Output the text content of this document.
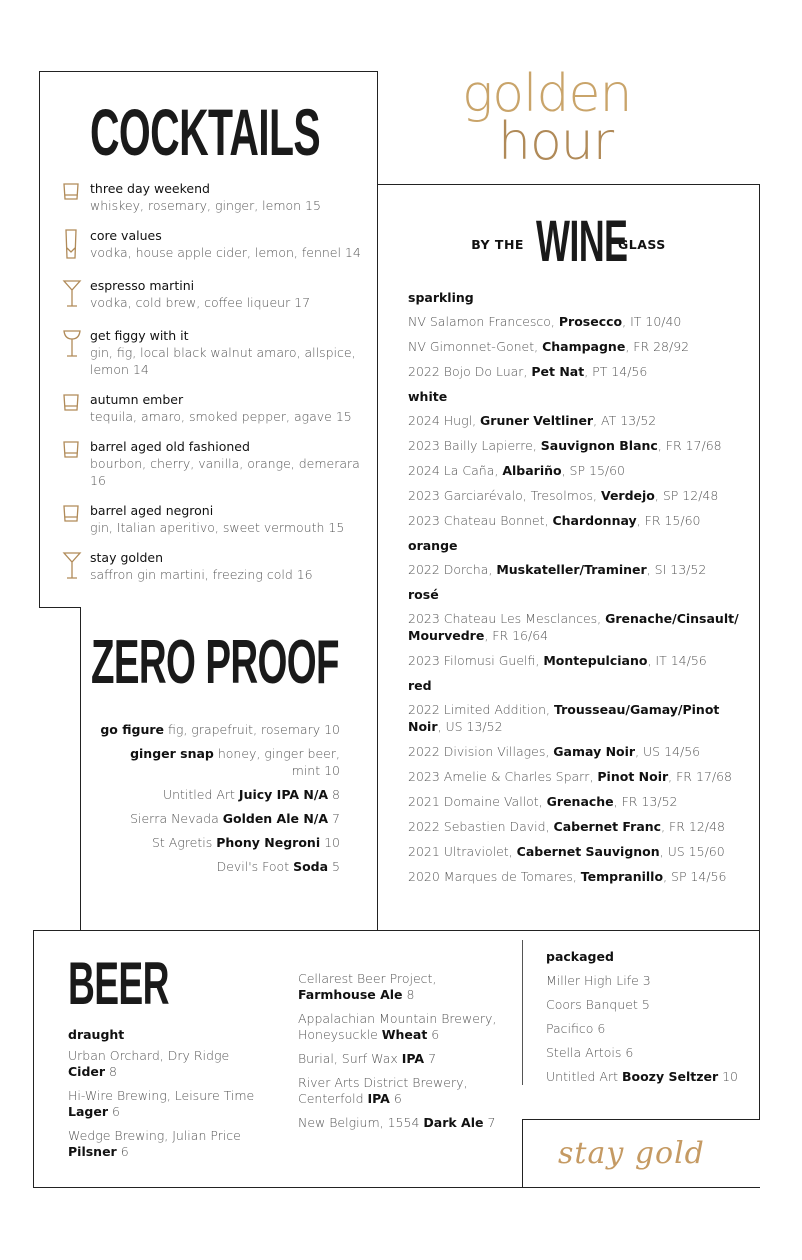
golden
hour
COCKTAILS
three day weekend
whiskey, rosemary, ginger, lemon 15
core values
vodka, house apple cider, lemon, fennel 14
espresso martini
vodka, cold brew, coffee liqueur 17
get figgy with it
gin, fig, local black walnut amaro, allspice, lemon 14
autumn ember
tequila, amaro, smoked pepper, agave 15
barrel aged old fashioned
bourbon, cherry, vanilla, orange, demerara 16
barrel aged negroni
gin, Italian aperitivo, sweet vermouth 15
stay golden
saffron gin martini, freezing cold 16
ZERO PROOF
go figure fig, grapefruit, rosemary 10
ginger snap honey, ginger beer, mint 10
Untitled Art Juicy IPA N/A 8
Sierra Nevada Golden Ale N/A 7
St Agretis Phony Negroni 10
Devil's Foot Soda 5
BY THE WINE
GLASS
sparkling
NV Salamon Francesco, Prosecco, IT 10/40
NV Gimonnet-Gonet, Champagne, FR 28/92
2022 Bojo Do Luar, Pet Nat, PT 14/56
white
2024 Hugl, Gruner Veltliner, AT 13/52
2023 Bailly Lapierre, Sauvignon Blanc, FR 17/68
2024 La Caña, Albariño, SP 15/60
2023 Garciarévalo, Tresolmos, Verdejo, SP 12/48
2023 Chateau Bonnet, Chardonnay, FR 15/60
orange
2022 Dorcha, Muskateller/Traminer, SI 13/52
rosé
2023 Chateau Les Mesclances, Grenache/Cinsault/ Mourvedre, FR 16/64
2023 Filomusi Guelfi, Montepulciano, IT 14/56
red
2022 Limited Addition, Trousseau/Gamay/Pinot Noir, US 13/52
2022 Division Villages, Gamay Noir, US 14/56
2023 Amelie & Charles Sparr, Pinot Noir, FR 17/68
2021 Domaine Vallot, Grenache, FR 13/52
2022 Sebastien David, Cabernet Franc, FR 12/48
2021 Ultraviolet, Cabernet Sauvignon, US 15/60
2020 Marques de Tomares, Tempranillo, SP 14/56
BEER
draught
Urban Orchard, Dry Ridge Cider 8
Hi-Wire Brewing, Leisure Time Lager 6
Wedge Brewing, Julian Price Pilsner 6
Cellarest Beer Project, Farmhouse Ale 8
Appalachian Mountain Brewery, Honeysuckle Wheat 6
Burial, Surf Wax IPA 7
River Arts District Brewery, Centerfold IPA 6
New Belgium, 1554 Dark Ale 7
packaged
Miller High Life 3
Coors Banquet 5
Pacifico 6
Stella Artois 6
Untitled Art Boozy Seltzer 10
stay gold
